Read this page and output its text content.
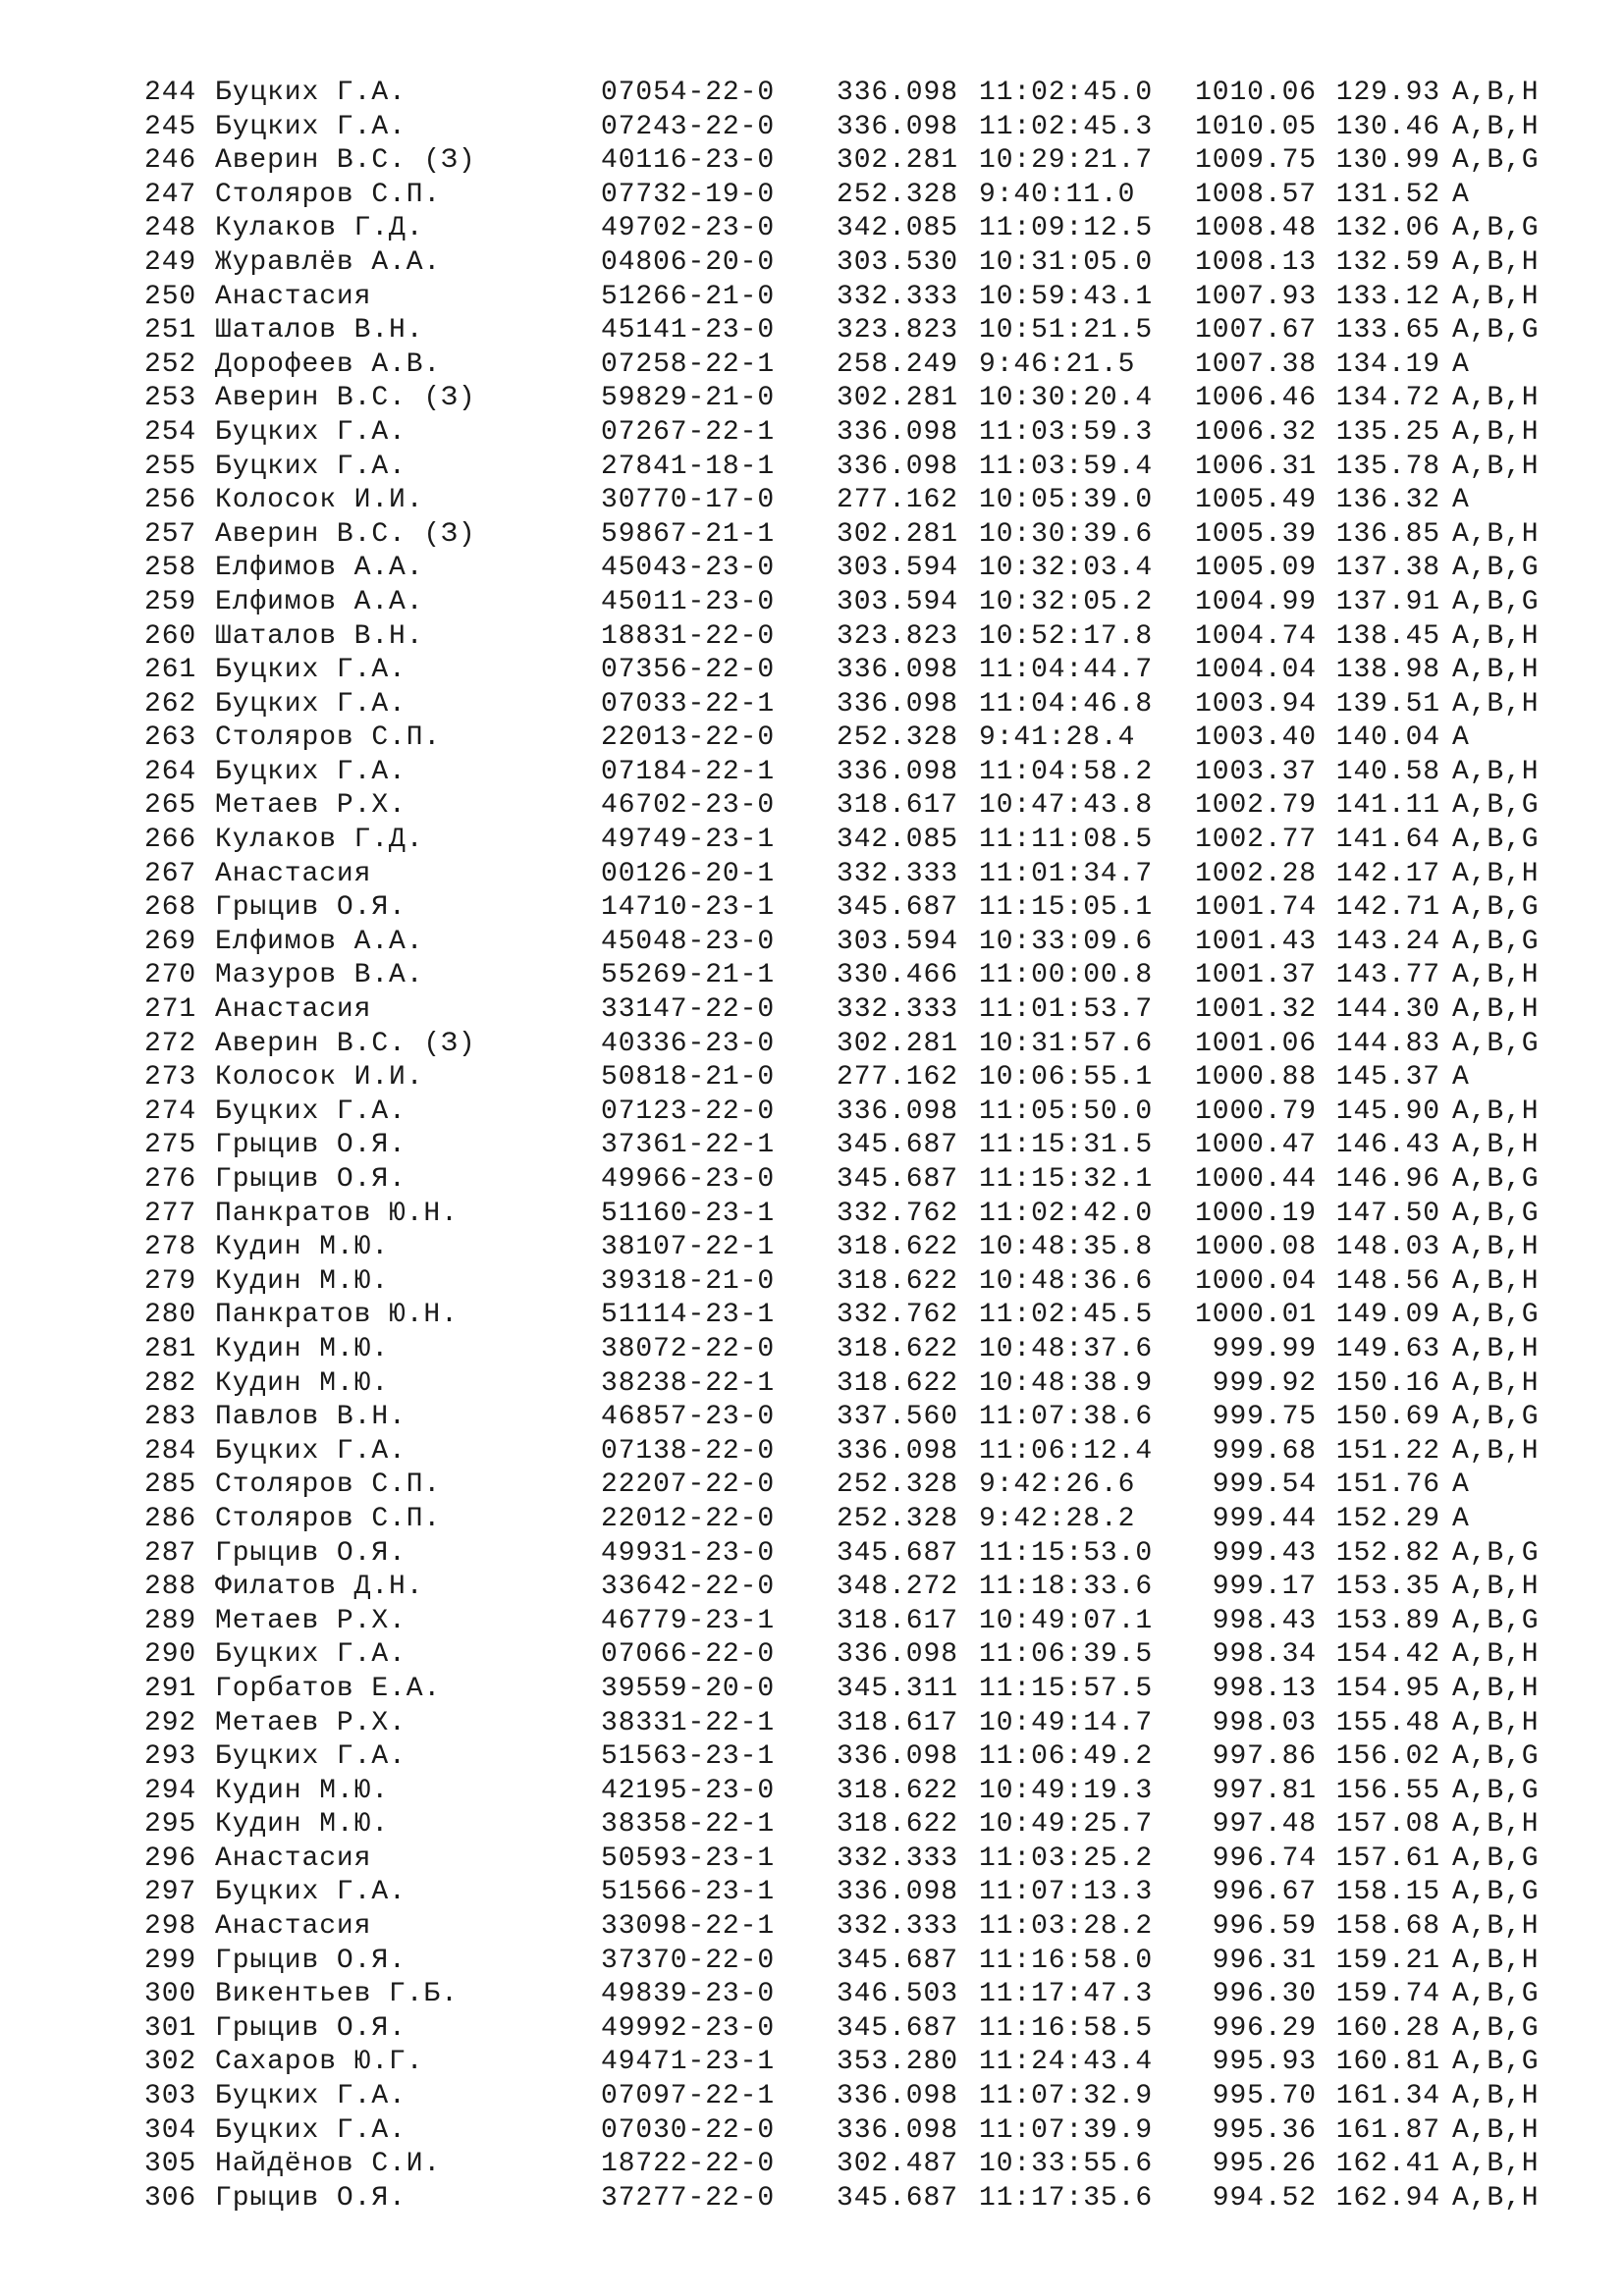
244 Буцких Г.А.	07054-22-0	336.098 11:02:45.0	1010.06 129.93 A,B,H
245 Буцких Г.А.	07243-22-0	336.098 11:02:45.3	1010.05 130.46 A,B,H
246 Аверин В.С. (З)	40116-23-0	302.281 10:29:21.7	1009.75 130.99 A,B,G
247 Столяров С.П.	07732-19-0	252.328 9:40:11.0	1008.57 131.52 A
248 Кулаков Г.Д.	49702-23-0	342.085 11:09:12.5	1008.48 132.06 A,B,G
249 Журавлёв А.А.	04806-20-0	303.530 10:31:05.0	1008.13 132.59 A,B,H
250 Анастасия	51266-21-0	332.333 10:59:43.1	1007.93 133.12 A,B,H
251 Шаталов В.Н.	45141-23-0	323.823 10:51:21.5	1007.67 133.65 A,B,G
252 Дорофеев А.В.	07258-22-1	258.249 9:46:21.5	1007.38 134.19 A
253 Аверин В.С. (З)	59829-21-0	302.281 10:30:20.4	1006.46 134.72 A,B,H
254 Буцких Г.А.	07267-22-1	336.098 11:03:59.3	1006.32 135.25 A,B,H
255 Буцких Г.А.	27841-18-1	336.098 11:03:59.4	1006.31 135.78 A,B,H
256 Колосок И.И.	30770-17-0	277.162 10:05:39.0	1005.49 136.32 A
257 Аверин В.С. (З)	59867-21-1	302.281 10:30:39.6	1005.39 136.85 A,B,H
258 Елфимов А.А.	45043-23-0	303.594 10:32:03.4	1005.09 137.38 A,B,G
259 Елфимов А.А.	45011-23-0	303.594 10:32:05.2	1004.99 137.91 A,B,G
260 Шаталов В.Н.	18831-22-0	323.823 10:52:17.8	1004.74 138.45 A,B,H
261 Буцких Г.А.	07356-22-0	336.098 11:04:44.7	1004.04 138.98 A,B,H
262 Буцких Г.А.	07033-22-1	336.098 11:04:46.8	1003.94 139.51 A,B,H
263 Столяров С.П.	22013-22-0	252.328 9:41:28.4	1003.40 140.04 A
264 Буцких Г.А.	07184-22-1	336.098 11:04:58.2	1003.37 140.58 A,B,H
265 Метаев Р.Х.	46702-23-0	318.617 10:47:43.8	1002.79 141.11 A,B,G
266 Кулаков Г.Д.	49749-23-1	342.085 11:11:08.5	1002.77 141.64 A,B,G
267 Анастасия	00126-20-1	332.333 11:01:34.7	1002.28 142.17 A,B,H
268 Грыцив О.Я.	14710-23-1	345.687 11:15:05.1	1001.74 142.71 A,B,G
269 Елфимов А.А.	45048-23-0	303.594 10:33:09.6	1001.43 143.24 A,B,G
270 Мазуров В.А.	55269-21-1	330.466 11:00:00.8	1001.37 143.77 A,B,H
271 Анастасия	33147-22-0	332.333 11:01:53.7	1001.32 144.30 A,B,H
272 Аверин В.С. (З)	40336-23-0	302.281 10:31:57.6	1001.06 144.83 A,B,G
273 Колосок И.И.	50818-21-0	277.162 10:06:55.1	1000.88 145.37 A
274 Буцких Г.А.	07123-22-0	336.098 11:05:50.0	1000.79 145.90 A,B,H
275 Грыцив О.Я.	37361-22-1	345.687 11:15:31.5	1000.47 146.43 A,B,H
276 Грыцив О.Я.	49966-23-0	345.687 11:15:32.1	1000.44 146.96 A,B,G
277 Панкратов Ю.Н.	51160-23-1	332.762 11:02:42.0	1000.19 147.50 A,B,G
278 Кудин М.Ю.	38107-22-1	318.622 10:48:35.8	1000.08 148.03 A,B,H
279 Кудин М.Ю.	39318-21-0	318.622 10:48:36.6	1000.04 148.56 A,B,H
280 Панкратов Ю.Н.	51114-23-1	332.762 11:02:45.5	1000.01 149.09 A,B,G
281 Кудин М.Ю.	38072-22-0	318.622 10:48:37.6	999.99 149.63 A,B,H
282 Кудин М.Ю.	38238-22-1	318.622 10:48:38.9	999.92 150.16 A,B,H
283 Павлов В.Н.	46857-23-0	337.560 11:07:38.6	999.75 150.69 A,B,G
284 Буцких Г.А.	07138-22-0	336.098 11:06:12.4	999.68 151.22 A,B,H
285 Столяров С.П.	22207-22-0	252.328 9:42:26.6	999.54 151.76 A
286 Столяров С.П.	22012-22-0	252.328 9:42:28.2	999.44 152.29 A
287 Грыцив О.Я.	49931-23-0	345.687 11:15:53.0	999.43 152.82 A,B,G
288 Филатов Д.Н.	33642-22-0	348.272 11:18:33.6	999.17 153.35 A,B,H
289 Метаев Р.Х.	46779-23-1	318.617 10:49:07.1	998.43 153.89 A,B,G
290 Буцких Г.А.	07066-22-0	336.098 11:06:39.5	998.34 154.42 A,B,H
291 Горбатов Е.А.	39559-20-0	345.311 11:15:57.5	998.13 154.95 A,B,H
292 Метаев Р.Х.	38331-22-1	318.617 10:49:14.7	998.03 155.48 A,B,H
293 Буцких Г.А.	51563-23-1	336.098 11:06:49.2	997.86 156.02 A,B,G
294 Кудин М.Ю.	42195-23-0	318.622 10:49:19.3	997.81 156.55 A,B,G
295 Кудин М.Ю.	38358-22-1	318.622 10:49:25.7	997.48 157.08 A,B,H
296 Анастасия	50593-23-1	332.333 11:03:25.2	996.74 157.61 A,B,G
297 Буцких Г.А.	51566-23-1	336.098 11:07:13.3	996.67 158.15 A,B,G
298 Анастасия	33098-22-1	332.333 11:03:28.2	996.59 158.68 A,B,H
299 Грыцив О.Я.	37370-22-0	345.687 11:16:58.0	996.31 159.21 A,B,H
300 Викентьев Г.Б.	49839-23-0	346.503 11:17:47.3	996.30 159.74 A,B,G
301 Грыцив О.Я.	49992-23-0	345.687 11:16:58.5	996.29 160.28 A,B,G
302 Сахаров Ю.Г.	49471-23-1	353.280 11:24:43.4	995.93 160.81 A,B,G
303 Буцких Г.А.	07097-22-1	336.098 11:07:32.9	995.70 161.34 A,B,H
304 Буцких Г.А.	07030-22-0	336.098 11:07:39.9	995.36 161.87 A,B,H
305 Найдёнов С.И.	18722-22-0	302.487 10:33:55.6	995.26 162.41 A,B,H
306 Грыцив О.Я.	37277-22-0	345.687 11:17:35.6	994.52 162.94 A,B,H
